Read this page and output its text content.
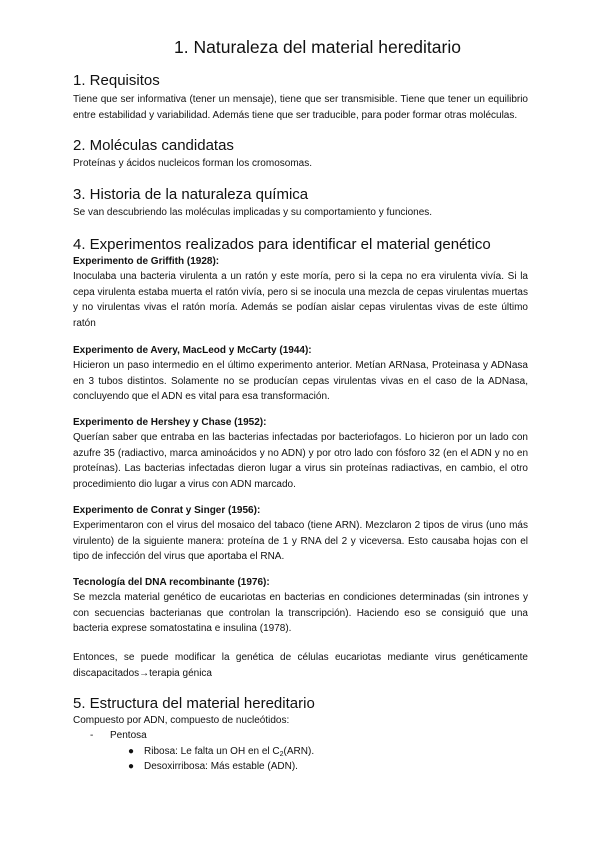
1. Naturaleza del material hereditario
1. Requisitos

Tiene que ser informativa (tener un mensaje), tiene que ser transmisible. Tiene que tener un equilibrio entre estabilidad y variabilidad. Además tiene que ser traducible, para poder formar otras moléculas.

2. Moléculas candidatas

Proteínas y ácidos nucleicos forman los cromosomas.

3. Historia de la naturaleza química

Se van descubriendo las moléculas implicadas y su comportamiento y funciones.

4. Experimentos realizados para identificar el material genético

Experimento de Griffith (1928):

Inoculaba una bacteria virulenta a un ratón y este moría, pero si la cepa no era virulenta vivía. Si la cepa virulenta estaba muerta el ratón vivía, pero si se inocula una mezcla de cepas virulentas muertas y no virulentas vivas el ratón moría. Además se podían aislar cepas virulentas vivas de este último ratón

Experimento de Avery, MacLeod y McCarty (1944):

Hicieron un paso intermedio en el último experimento anterior. Metían ARNasa, Proteinasa y ADNasa en 3 tubos distintos. Solamente no se producían cepas virulentas vivas en el caso de la ADNasa, concluyendo que el ADN es vital para esa transformación.

Experimento de Hershey y Chase (1952):

Querían saber que entraba en las bacterias infectadas por bacteriofagos. Lo hicieron por un lado con azufre 35 (radiactivo, marca aminoácidos y no ADN) y por otro lado con fósforo 32 (en el ADN y no en proteínas). Las bacterias infectadas dieron lugar a virus sin proteínas radiactivas, en cambio, el otro procedimiento dio lugar a virus con ADN marcado.

Experimento de Conrat y Singer (1956):

Experimentaron con el virus del mosaico del tabaco (tiene ARN). Mezclaron 2 tipos de virus (uno más virulento) de la siguiente manera: proteína de 1 y RNA del 2 y viceversa. Esto causaba hojas con el tipo de infección del virus que aportaba el RNA.

Tecnología del DNA recombinante (1976):

Se mezcla material genético de eucariotas en bacterias en condiciones determinadas (sin intrones y con secuencias bacterianas que controlan la transcripción). Haciendo eso se consiguió que una bacteria exprese somatostatina e insulina (1978).

Entonces, se puede modificar la genética de células eucariotas mediante virus genéticamente discapacitados→terapia génica

5. Estructura del material hereditario

Compuesto por ADN, compuesto de nucleótidos:

- Pentosa
● Ribosa: Le falta un OH en el $C_2(ARN)$.
● Desoxirribosa: Más estable (ADN).
